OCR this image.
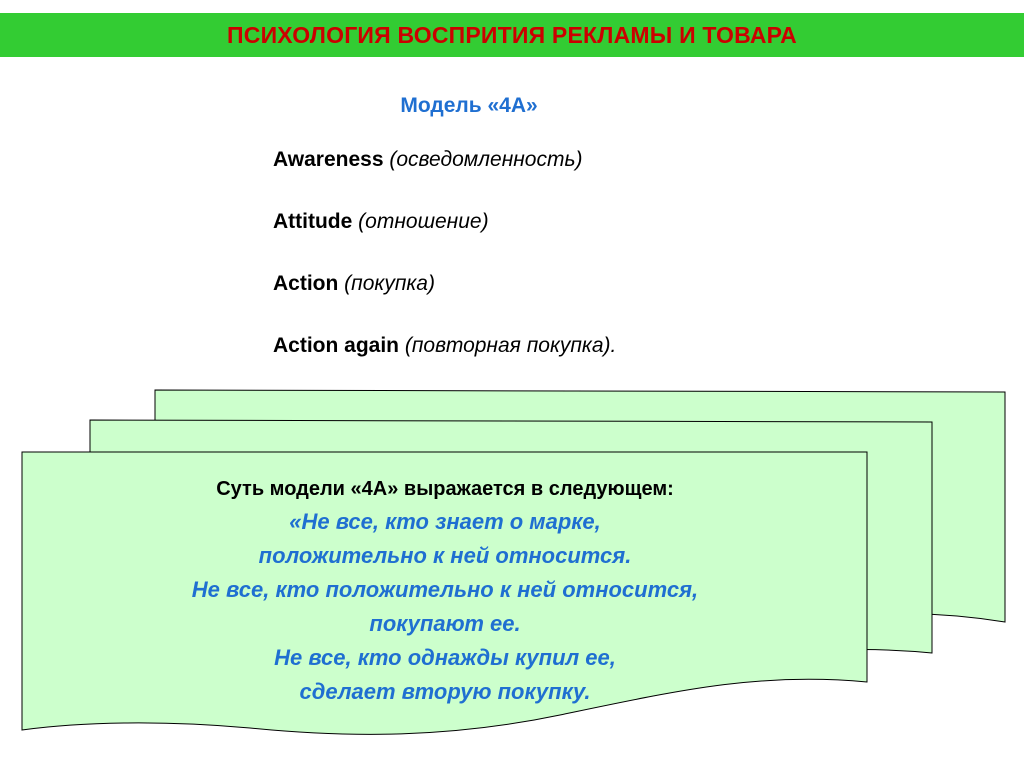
ПСИХОЛОГИЯ ВОСПРИТИЯ РЕКЛАМЫ И ТОВАРА
Модель «4А»
Awareness (осведомленность)
Attitude (отношение)
Action (покупка)
Action again (повторная покупка).
Суть модели «4А» выражается в следующем:
«Не все, кто знает о марке,
положительно к ней относится.
Не все, кто положительно к ней относится,
покупают ее.
Не все, кто однажды купил ее,
сделает вторую покупку.
